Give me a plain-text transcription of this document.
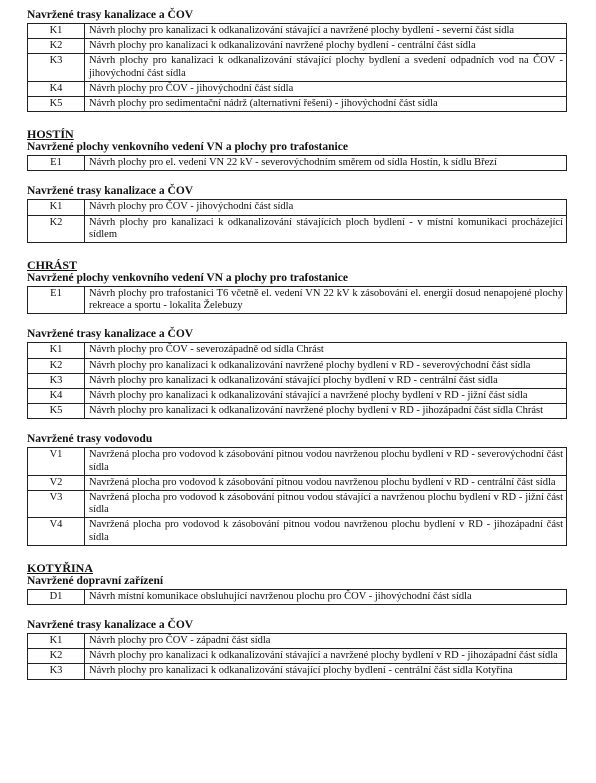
Navržené trasy kanalizace a ČOV
K1	Návrh plochy pro kanalizaci k odkanalizování stávající a navržené plochy bydlení - severní část sídla
K2	Návrh plochy pro kanalizaci k odkanalizování navržené plochy bydlení - centrální část sídla
K3	Návrh plochy pro kanalizaci k odkanalizování stávající plochy bydlení a svedení odpadních vod na ČOV - jihovýchodní část sídla
K4	Návrh plochy pro ČOV - jihovýchodní část sídla
K5	Návrh plochy pro sedimentační nádrž (alternativní řešení) - jihovýchodní část sídla
HOSTÍN
Navržené plochy venkovního vedení VN a plochy pro trafostanice
E1	Návrh plochy pro el. vedení VN 22 kV - severovýchodním směrem od sídla Hostín, k sídlu Březí
Navržené trasy kanalizace a ČOV
K1	Návrh plochy pro ČOV - jihovýchodní část sídla
K2	Návrh plochy pro kanalizaci k odkanalizování stávajících ploch bydlení - v místní komunikaci procházející sídlem
CHRÁST
Navržené plochy venkovního vedení VN a plochy pro trafostanice
E1	Návrh plochy pro trafostanici T6 včetně el. vedení VN 22 kV k zásobování el. energií dosud nenapojené plochy rekreace a sportu - lokalita Želebuzy
Navržené trasy kanalizace a ČOV
K1	Návrh plochy pro ČOV - severozápadně od sídla Chrást
K2	Návrh plochy pro kanalizaci k odkanalizování navržené plochy bydlení v RD - severovýchodní část sídla
K3	Návrh plochy pro kanalizaci k odkanalizování stávající plochy bydlení v RD - centrální část sídla
K4	Návrh plochy pro kanalizaci k odkanalizování stávající a navržené plochy bydlení v RD - jižní část sídla
K5	Návrh plochy pro kanalizaci k odkanalizování navržené plochy bydlení v RD - jihozápadní část sídla Chrást
Navržené trasy vodovodu
V1	Navržená plocha pro vodovod k zásobování pitnou vodou navrženou plochu bydlení v RD - severovýchodní část sídla
V2	Navržená plocha pro vodovod k zásobování pitnou vodou navrženou plochu bydlení v RD - centrální část sídla
V3	Navržená plocha pro vodovod k zásobování pitnou vodou stávající a navrženou plochu bydlení v RD - jižní část sídla
V4	Navržená plocha pro vodovod k zásobování pitnou vodou navrženou plochu bydlení v RD - jihozápadní část sídla
KOTYŘINA
Navržené dopravní zařízení
D1	Návrh místní komunikace obsluhující navrženou plochu pro ČOV - jihovýchodní část sídla
Navržené trasy kanalizace a ČOV
K1	Návrh plochy pro ČOV - západní část sídla
K2	Návrh plochy pro kanalizaci k odkanalizování stávající a navržené plochy bydlení v RD - jihozápadní část sídla
K3	Návrh plochy pro kanalizaci k odkanalizování stávající plochy bydlení - centrální část sídla Kotyřina
